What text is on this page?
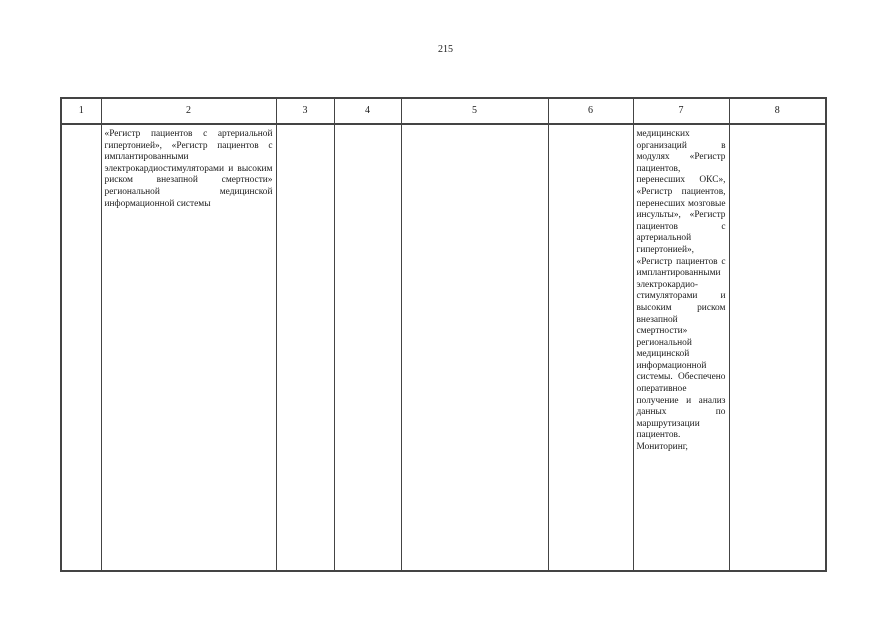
215
1	2	3	4	5	6	7	8

	«Регистр пациентов с артериальной гипертонией», «Регистр пациентов с имплантированными электрокардиостимуляторами и высоким риском внезапной смертности» региональной медицинской информационной системы					медицинских организаций в модулях «Регистр пациентов, перенесших ОКС», «Регистр пациентов, перенесших мозговые инсульты», «Регистр пациентов с артериальной гипертонией», «Регистр пациентов с имплантированными электрокардиостимуляторами и высоким риском внезапной смертности» региональной медицинской информационной системы. Обеспечено оперативное получение и анализ данных по маршрутизации пациентов. Мониторинг,	
